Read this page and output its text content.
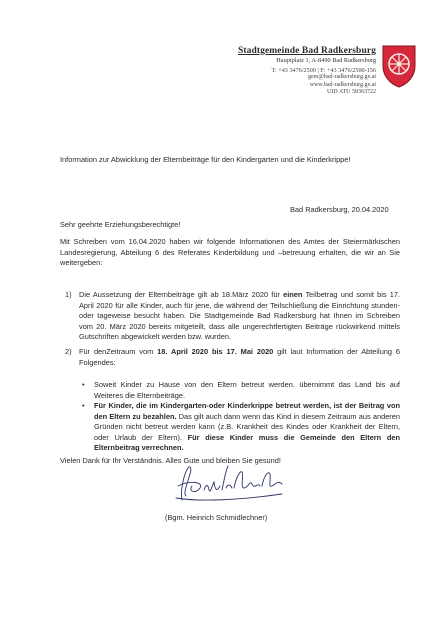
Stadtgemeinde Bad Radkersburg
Hauptplatz 1, A-8490 Bad Radkersburg
T: +43 3476/2500 | F: +43 3476/2500-156
gem@bad-radkersburg.gv.at
www.bad-radkersburg.gv.at
UID ATU 58363722
Information zur Abwicklung der Elternbeiträge für den Kindergarten und die Kinderkrippe!
Bad Radkersburg, 20.04.2020
Sehr geehrte Erziehungsberechtigte!
Mit Schreiben vom 16.04.2020 haben wir folgende Informationen des Amtes der Steiermärkischen Landesregierung, Abteilung 6 des Referates Kinderbildung und –betreuung erhalten, die wir an Sie weitergeben:
1) Die Aussetzung der Elternbeiträge gilt ab 18.März 2020 für einen Teilbetrag und somit bis 17. April 2020 für alle Kinder, auch für jene, die während der Teilschließung die Einrichtung stunden-oder tageweise besucht haben. Die Stadtgemeinde Bad Radkersburg hat Ihnen im Schreiben vom 20. März 2020 bereits mitgeteilt, dass alle ungerechtfertigten Beiträge rückwirkend mittels Gutschriften abgewickelt werden bzw. wurden.
2) Für denZeitraum vom 18. April 2020 bis 17. Mai 2020 gilt laut Information der Abteilung 6 Folgendes:
• Soweit Kinder zu Hause von den Eltern betreut werden. übernimmt das Land bis auf Weiteres die Elternbeiträge.
• Für Kinder, die im Kindergarten-oder Kinderkrippe betreut werden, ist der Beitrag von den Eltern zu bezahlen. Das gilt auch dann wenn das Kind in diesem Zeitraum aus anderen Gründen nicht betreut werden kann (z.B. Krankheit des Kindes oder Krankheit der Eltern, oder Urlaub der Eltern). Für diese Kinder muss die Gemeinde den Eltern den Elternbeitrag verrechnen.
Vielen Dank für Ihr Verständnis. Alles Gute und bleiben Sie gesund!
(Bgm. Heinrich Schmidlechner)
